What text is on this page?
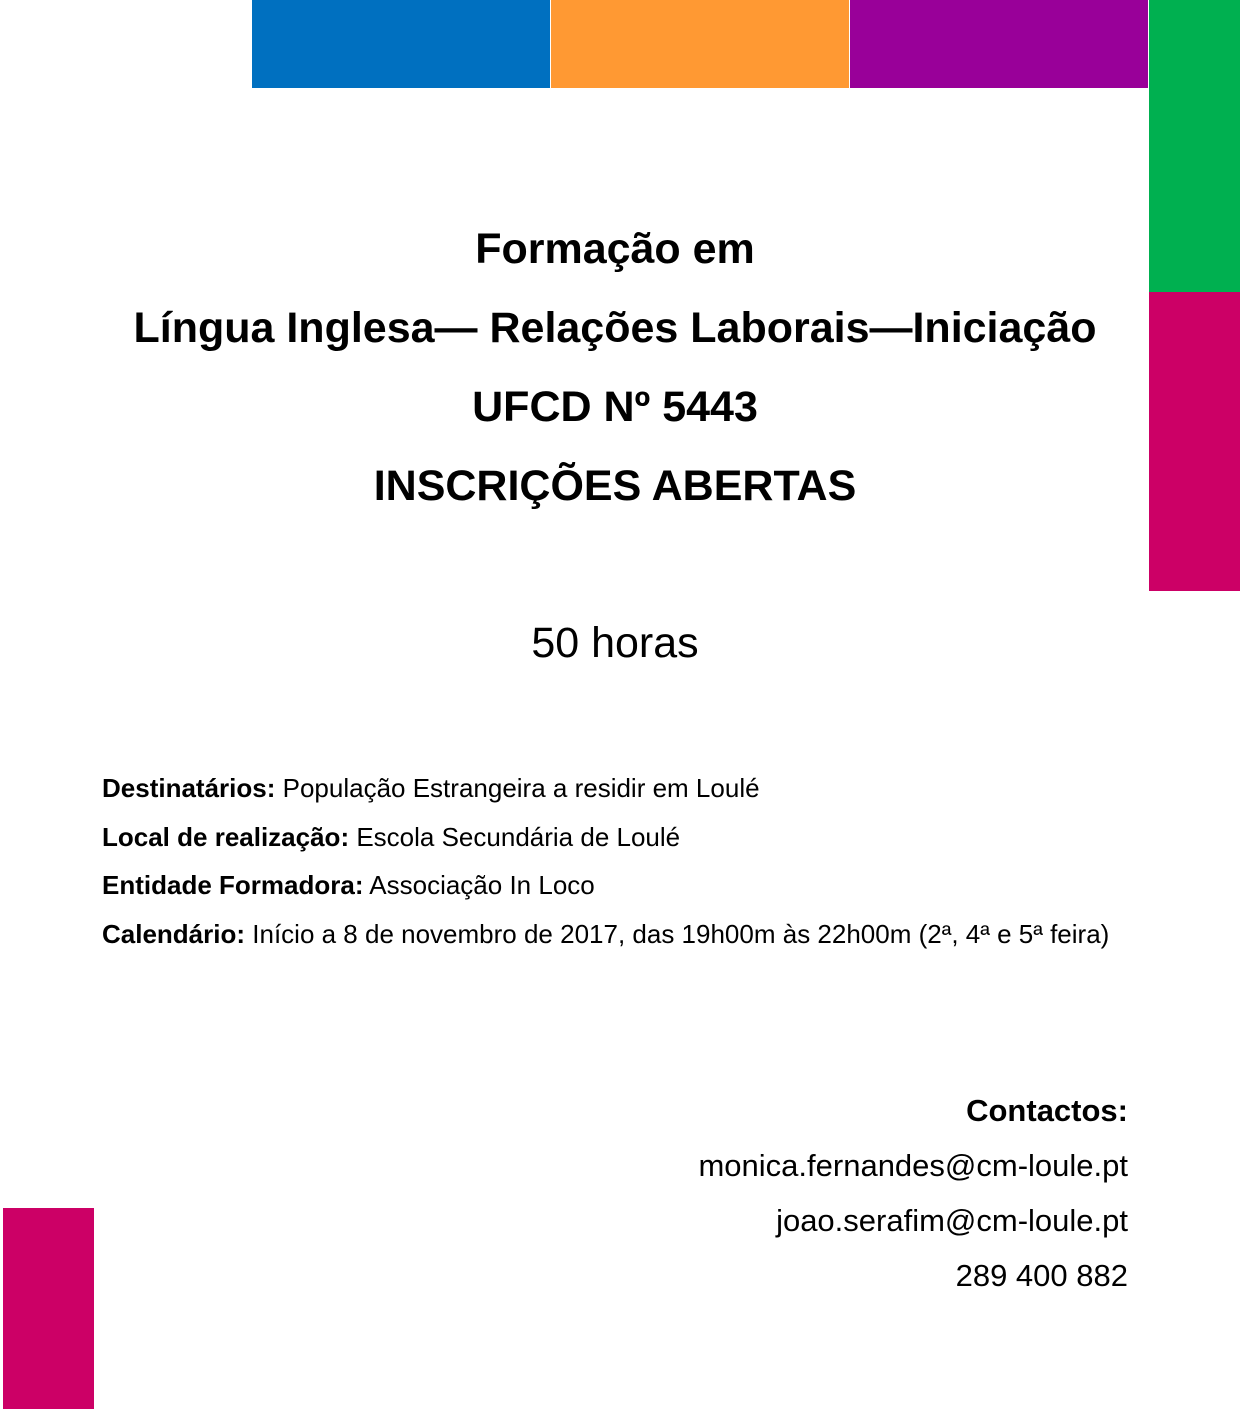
Formação em
Língua Inglesa— Relações Laborais—Iniciação
UFCD Nº 5443
INSCRIÇÕES ABERTAS
50 horas

Destinatários: População Estrangeira a residir em Loulé

Local de realização: Escola Secundária de Loulé

Entidade Formadora: Associação In Loco

Calendário: Início a 8 de novembro de 2017, das 19h00m às 22h00m (2ª, 4ª e 5ª feira)

Contactos:
monica.fernandes@cm-loule.pt
joao.serafim@cm-loule.pt
289 400 882
